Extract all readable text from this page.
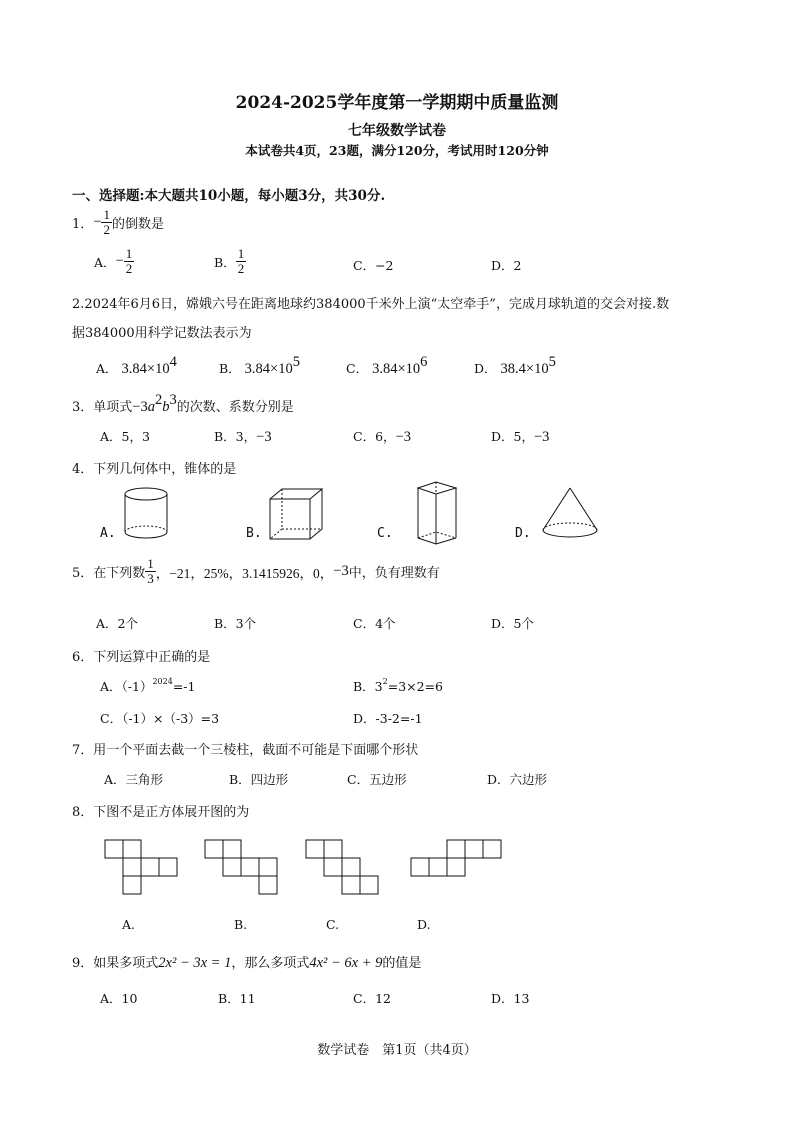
2024-2025学年度第一学期期中质量监测
七年级数学试卷
本试卷共4页，23题，满分120分，考试用时120分钟
一、选择题:本大题共10小题，每小题3分，共30分.
1． − $\frac{1}{2}$ 的倒数是
A． − $\frac{1}{2}$	B． $\frac{1}{2}$	C．−2	D．2
2.2024年6月6日，嫦娥六号在距离地球约384000千米外上演“太空牵手”，完成月球轨道的交会对接.数
据384000用科学记数法表示为
A． $3.84\times 10^4$	B． $3.84\times 10^5$	C． $3.84\times 10^6$	D． $38.4\times 10^5$
3．单项式$-3a^2b^3$的次数、系数分别是
A．5，3	B．3，−3	C．6，−3	D．5，−3
4．下列几何体中，锥体的是
A.	B.	C.	D.
5．在下列数 $\frac{1}{3}$ ，−21，25%，3.1415926，0， −3 中，负有理数有
A．2个	B．3个	C．4个	D．5个
6．下列运算中正确的是
A．$(-1)^{2024}=-1$	B．$3^2=3\times 2=6$
C．（-1）×（-3）=3	D．-3-2=-1
7．用一个平面去截一个三棱柱，截面不可能是下面哪个形状
A．三角形	B．四边形	C．五边形	D．六边形
8．下图不是正方体展开图的为
A.	B.	C.	D.
9．如果多项式2x² − 3x = 1，那么多项式4x² − 6x + 9的值是
A．10	B．11	C．12	D．13
数学试卷　第1页（共4页）
